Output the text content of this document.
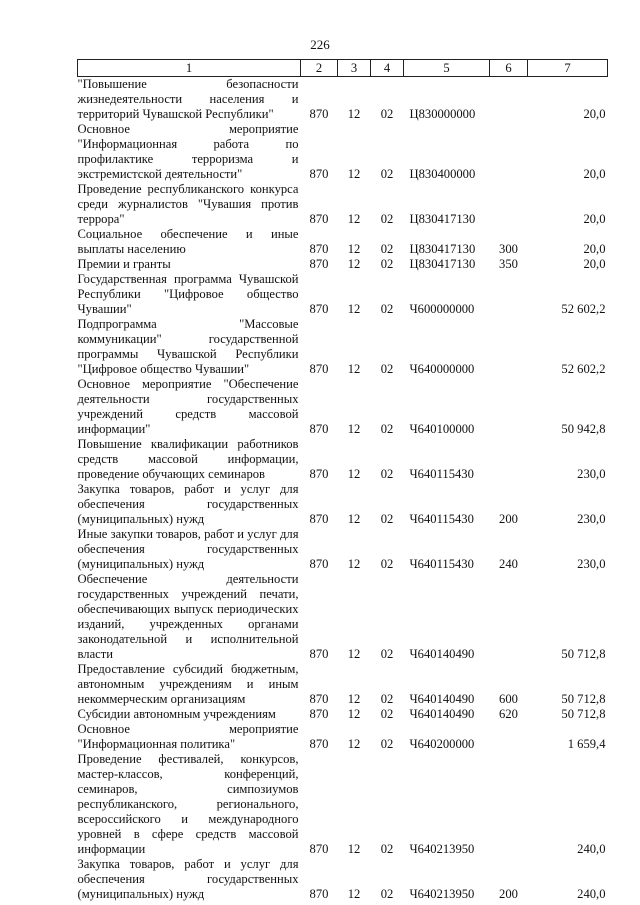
226
1	2	3	4	5	6	7
"Повышение безопасности жизнедеятельности населения и территорий Чувашской Республики"	870	12	02	Ц830000000		20,0
Основное мероприятие "Информационная работа по профилактике терроризма и экстремистской деятельности"	870	12	02	Ц830400000		20,0
Проведение республиканского конкурса среди журналистов "Чувашия против террора"	870	12	02	Ц830417130		20,0
Социальное обеспечение и иные выплаты населению	870	12	02	Ц830417130	300	20,0
Премии и гранты	870	12	02	Ц830417130	350	20,0
Государственная программа Чувашской Республики "Цифровое общество Чувашии"	870	12	02	Ч600000000		52 602,2
Подпрограмма "Массовые коммуникации" государственной программы Чувашской Республики "Цифровое общество Чувашии"	870	12	02	Ч640000000		52 602,2
Основное мероприятие "Обеспечение деятельности государственных учреждений средств массовой информации"	870	12	02	Ч640100000		50 942,8
Повышение квалификации работников средств массовой информации, проведение обучающих семинаров	870	12	02	Ч640115430		230,0
Закупка товаров, работ и услуг для обеспечения государственных (муниципальных) нужд	870	12	02	Ч640115430	200	230,0
Иные закупки товаров, работ и услуг для обеспечения государственных (муниципальных) нужд	870	12	02	Ч640115430	240	230,0
Обеспечение деятельности государственных учреждений печати, обеспечивающих выпуск периодических изданий, учрежденных органами законодательной и исполнительной власти	870	12	02	Ч640140490		50 712,8
Предоставление субсидий бюджетным, автономным учреждениям и иным некоммерческим организациям	870	12	02	Ч640140490	600	50 712,8
Субсидии автономным учреждениям	870	12	02	Ч640140490	620	50 712,8
Основное мероприятие "Информационная политика"	870	12	02	Ч640200000		1 659,4
Проведение фестивалей, конкурсов, мастер-классов, конференций, семинаров, симпозиумов республиканского, регионального, всероссийского и международного уровней в сфере средств массовой информации	870	12	02	Ч640213950		240,0
Закупка товаров, работ и услуг для обеспечения государственных (муниципальных) нужд	870	12	02	Ч640213950	200	240,0
